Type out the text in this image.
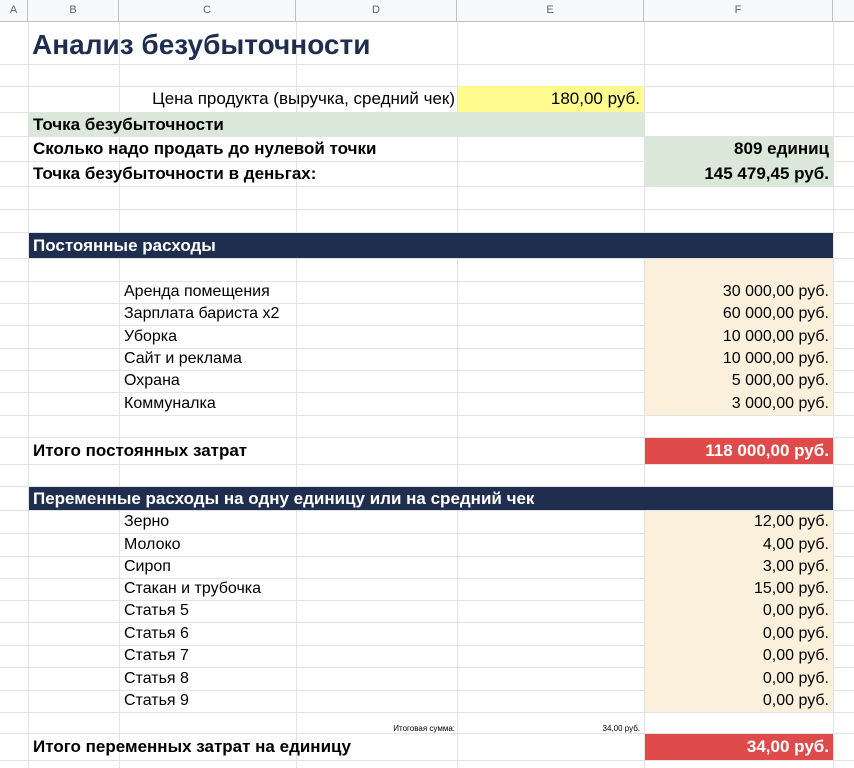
A	B	C	D	E	F
Анализ безубыточности
Цена продукта (выручка, средний чек)	180,00 руб.
Точка безубыточности
Сколько надо продать до нулевой точки	809 единиц
Точка безубыточности в деньгах:	145 479,45 руб.
Постоянные расходы
Аренда помещения	30 000,00 руб.
Зарплата бариста х2	60 000,00 руб.
Уборка	10 000,00 руб.
Сайт и реклама	10 000,00 руб.
Охрана	5 000,00 руб.
Коммуналка	3 000,00 руб.
Итого постоянных затрат	118 000,00 руб.
Переменные расходы на одну единицу или на средний чек
Зерно	12,00 руб.
Молоко	4,00 руб.
Сироп	3,00 руб.
Стакан и трубочка	15,00 руб.
Статья 5	0,00 руб.
Статья 6	0,00 руб.
Статья 7	0,00 руб.
Статья 8	0,00 руб.
Статья 9	0,00 руб.
Итоговая сумма:	34,00 руб.
Итого переменных затрат на единицу	34,00 руб.
